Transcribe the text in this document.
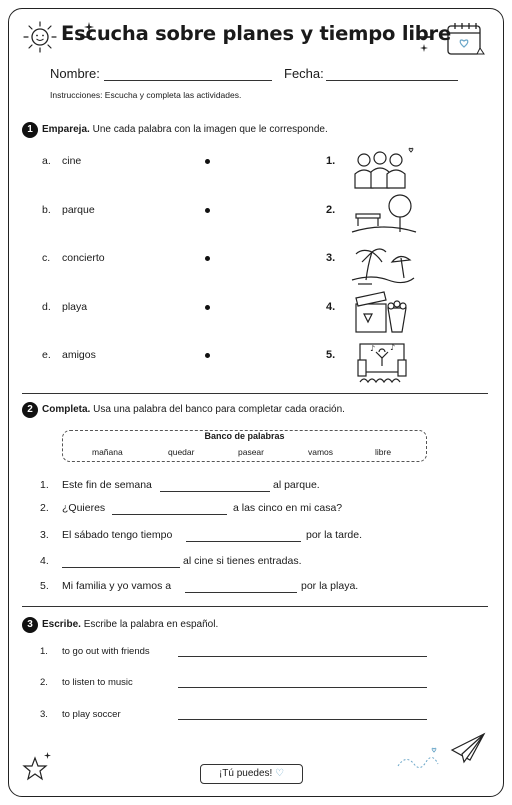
Escucha sobre planes y tiempo libre
Nombre:	Fecha:
Instrucciones: Escucha y completa las actividades.
1 Empareja. Une cada palabra con la imagen que le corresponde.
a. cine	1.
b. parque	2.
c. concierto	3.
d. playa	4.
e. amigos	5.
♪ ♪
2 Completa. Usa una palabra del banco para completar cada oración.
Banco de palabras
mañana	quedar	pasear	vamos	libre
1. Este fin de semana	al parque.
2. ¿Quieres	a las cinco en mi casa?
3. El sábado tengo tiempo	por la tarde.
4.	al cine si tienes entradas.
5. Mi familia y yo vamos a	por la playa.
3 Escribe. Escribe la palabra en español.
1. to go out with friends
2. to listen to music
3. to play soccer
¡Tú puedes! ♡
